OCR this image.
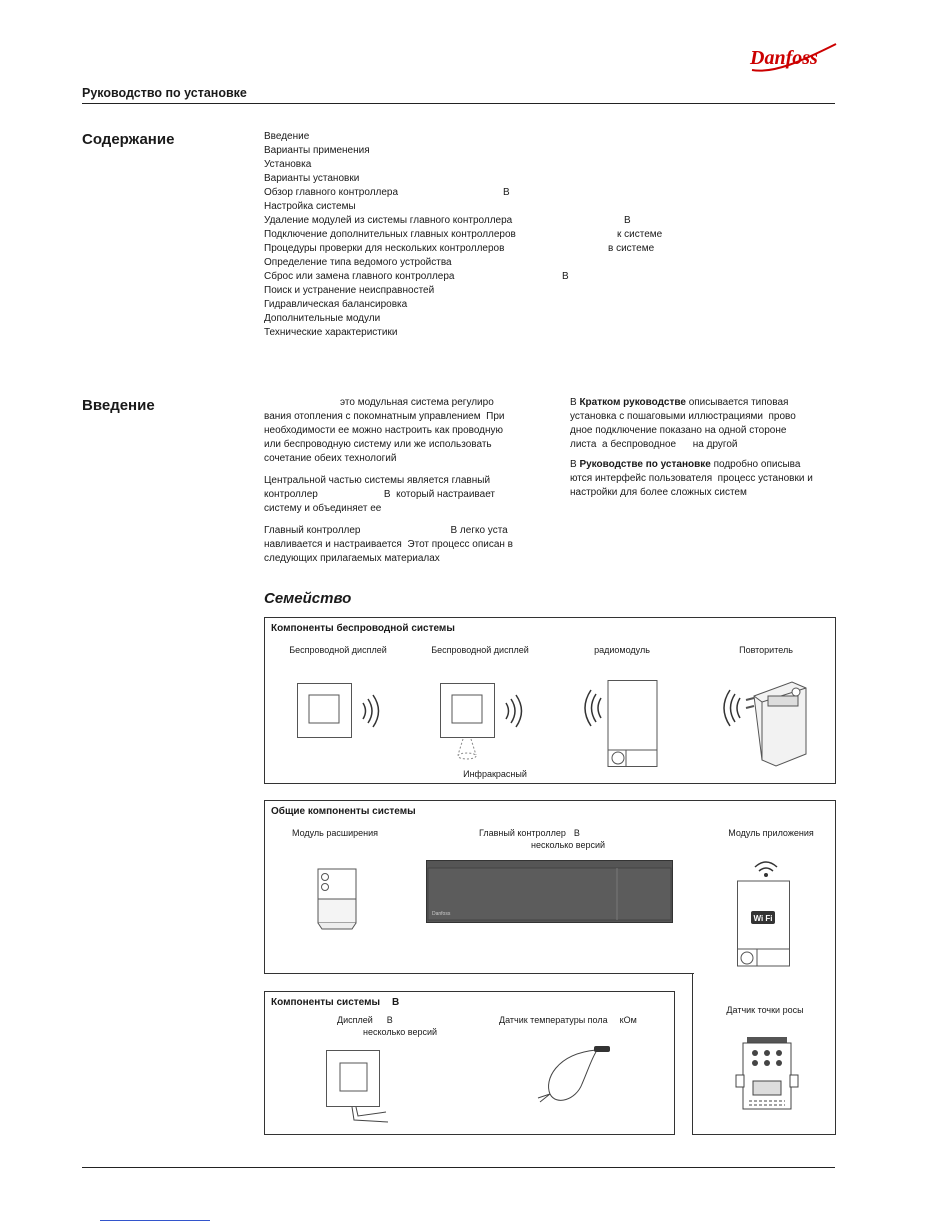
Danfoss
Руководство по установке
Содержание	Введение
Варианты применения
Установка
Варианты установки
Обзор главного контроллера	B
Настройка системы
Удаление модулей из системы главного контроллера	B
Подключение дополнительных главных контроллеров	к системе
Процедуры проверки для нескольких контроллеров	в системе
Определение типа ведомого устройства
Сброс или замена главного контроллера	B
Поиск и устранение неисправностей
Гидравлическая балансировка
Дополнительные модули
Технические характеристики
Введение	это модульная система регулиро
вания отопления с покомнатным управлением  При
необходимости ее можно настроить как проводную
или беспроводную систему или же использовать
сочетание обеих технологий

Центральной частью системы является главный
контроллер	B  который настраивает
систему и объединяет ее

Главный контроллер	B легко уста
навливается и настраивается  Этот процесс описан в
следующих прилагаемых материалах

В Кратком руководстве описывается типовая
установка с пошаговыми иллюстрациями  прово
дное подключение показано на одной стороне
листа  а беспроводное      на другой

В Руководстве по установке подробно описыва
ются интерфейс пользователя  процесс установки и
настройки для более сложных систем

Семейство
Компоненты беспроводной системы
Беспроводной дисплей	Беспроводной дисплей	радиомодуль	Повторитель
Инфракрасный
Общие компоненты системы
Модуль расширения	Главный контроллер B
несколько версий
Модуль приложения
Danfoss	Wi Fi
Компоненты системы B
Дисплей B
несколько версий
Датчик температуры пола кОм
Датчик точки росы
